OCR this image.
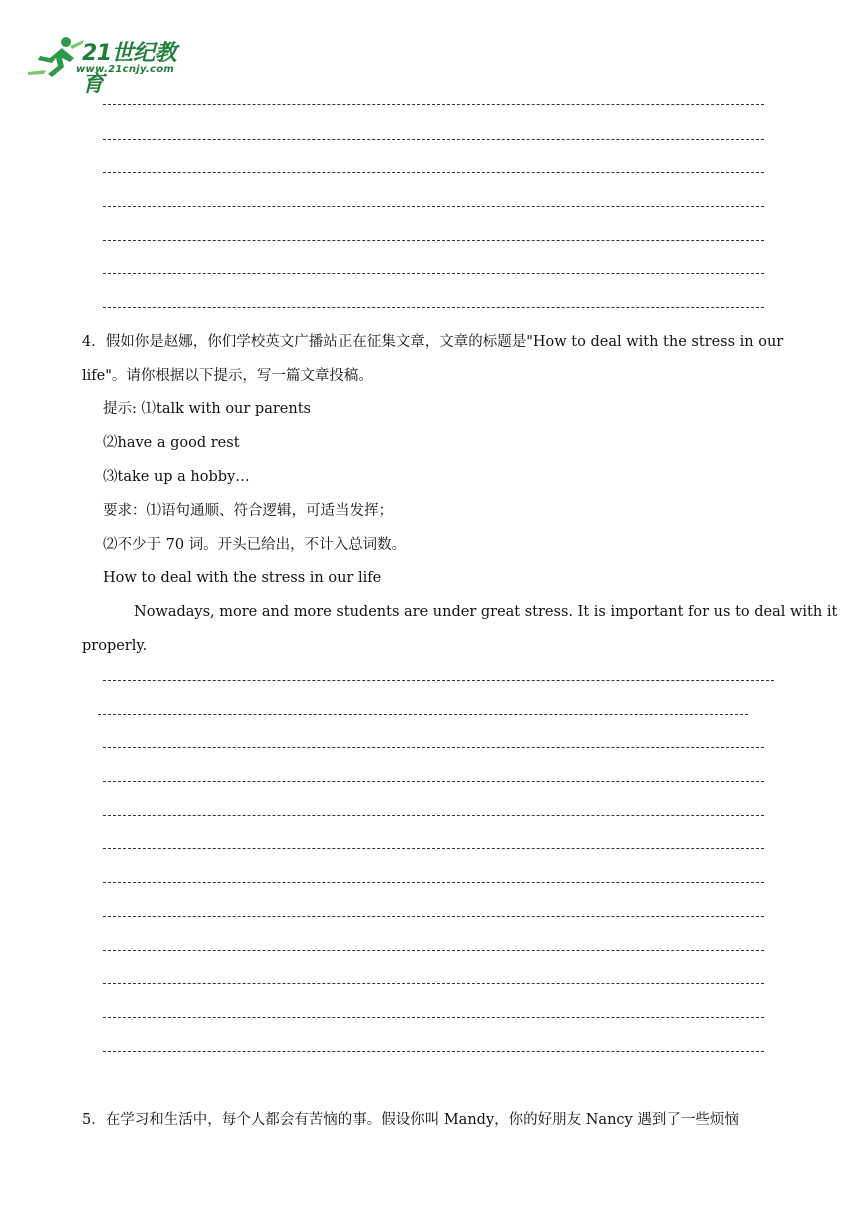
21世纪教育
www.21cnjy.com
4．假如你是赵娜，你们学校英文广播站正在征集文章，文章的标题是"How to deal with the stress in our
life"。请你根据以下提示，写一篇文章投稿。
提示: ⑴talk with our parents
⑵have a good rest
⑶take up a hobby…
要求：⑴语句通顺、符合逻辑，可适当发挥；
⑵不少于 70 词。开头已给出，不计入总词数。
How to deal with the stress in our life
Nowadays, more and more students are under great stress. It is important for us to deal with it
properly.
5．在学习和生活中，每个人都会有苦恼的事。假设你叫 Mandy，你的好朋友 Nancy 遇到了一些烦恼
